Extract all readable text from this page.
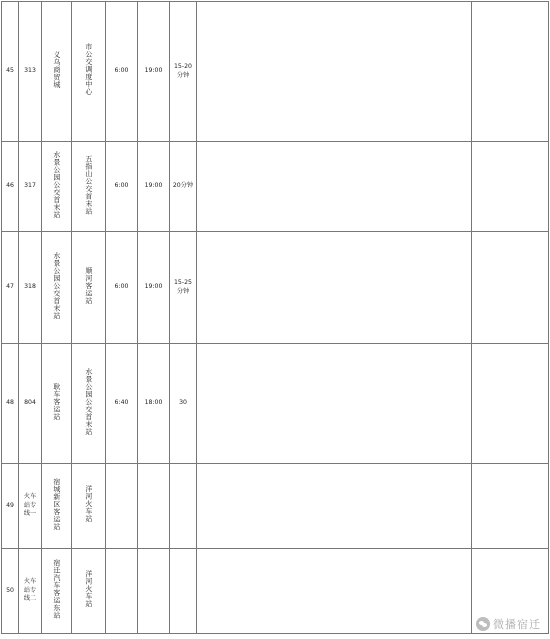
45	313	义乌商贸城	市公交调度中心	6:00	19:00	15-20分钟		
46	317	水景公园公交首末站	五指山公交首末站	6:00	19:00	20分钟		
47	318	水景公园公交首末站	顺河客运站	6:00	19:00	15-25分钟		
48	804	耿车客运站	水景公园公交首末站	6:40	18:00	30		
49	火车站专线一	宿城新区客运站	洋河火车站					
50	火车站专线二	宿迁汽车客运东站	洋河火车站					
微播宿迁
